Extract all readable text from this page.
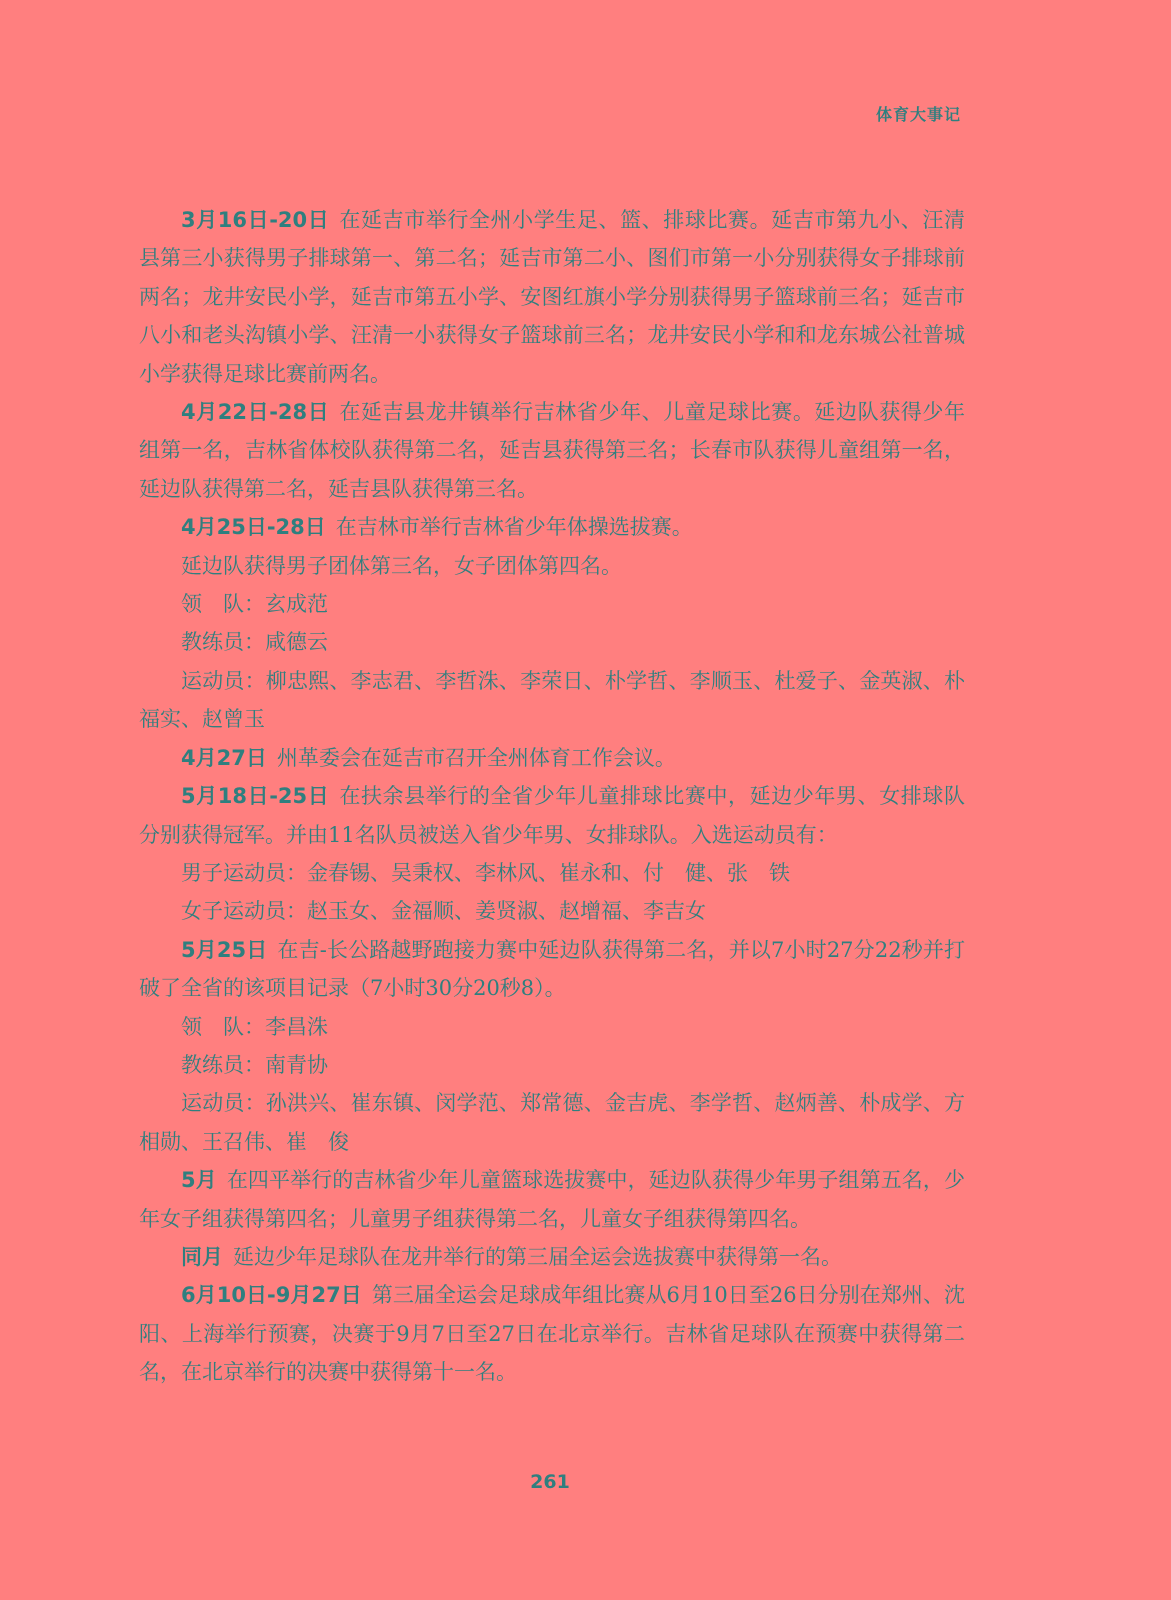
体育大事记

3月16日-20日 在延吉市举行全州小学生足、篮、排球比赛。延吉市第九小、汪清县第三小获得男子排球第一、第二名；延吉市第二小、图们市第一小分别获得女子排球前两名；龙井安民小学，延吉市第五小学、安图红旗小学分别获得男子篮球前三名；延吉市八小和老头沟镇小学、汪清一小获得女子篮球前三名；龙井安民小学和和龙东城公社普城小学获得足球比赛前两名。

4月22日-28日 在延吉县龙井镇举行吉林省少年、儿童足球比赛。延边队获得少年组第一名，吉林省体校队获得第二名，延吉县获得第三名；长春市队获得儿童组第一名，延边队获得第二名，延吉县队获得第三名。

4月25日-28日 在吉林市举行吉林省少年体操选拔赛。

延边队获得男子团体第三名，女子团体第四名。

领　队：玄成范

教练员：咸德云

运动员：柳忠熙、李志君、李哲洙、李荣日、朴学哲、李顺玉、杜爱子、金英淑、朴福实、赵曾玉

4月27日 州革委会在延吉市召开全州体育工作会议。

5月18日-25日 在扶余县举行的全省少年儿童排球比赛中，延边少年男、女排球队分别获得冠军。并由11名队员被送入省少年男、女排球队。入选运动员有：

男子运动员：金春锡、吴秉权、李林风、崔永和、付　健、张　铁

女子运动员：赵玉女、金福顺、姜贤淑、赵增福、李吉女

5月25日 在吉-长公路越野跑接力赛中延边队获得第二名，并以7小时27分22秒并打破了全省的该项目记录（7小时30分20秒8）。

领　队：李昌洙

教练员：南青协

运动员：孙洪兴、崔东镇、闵学范、郑常德、金吉虎、李学哲、赵炳善、朴成学、方相勋、王召伟、崔　俊

5月 在四平举行的吉林省少年儿童篮球选拔赛中，延边队获得少年男子组第五名，少年女子组获得第四名；儿童男子组获得第二名，儿童女子组获得第四名。

同月 延边少年足球队在龙井举行的第三届全运会选拔赛中获得第一名。

6月10日-9月27日 第三届全运会足球成年组比赛从6月10日至26日分别在郑州、沈阳、上海举行预赛，决赛于9月7日至27日在北京举行。吉林省足球队在预赛中获得第二名，在北京举行的决赛中获得第十一名。

261
